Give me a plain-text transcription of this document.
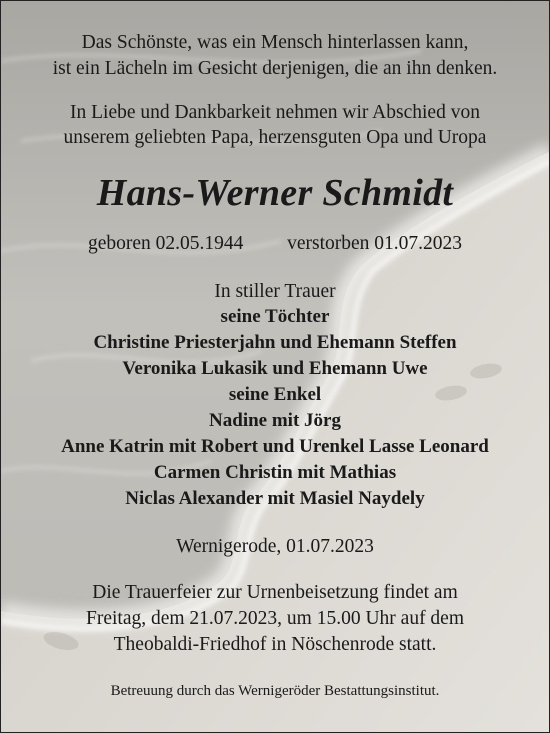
Das Schönste, was ein Mensch hinterlassen kann,
ist ein Lächeln im Gesicht derjenigen, die an ihn denken.
In Liebe und Dankbarkeit nehmen wir Abschied von
unserem geliebten Papa, herzensguten Opa und Uropa
Hans-Werner Schmidt
geboren 02.05.1944 verstorben 01.07.2023
In stiller Trauer
seine Töchter
Christine Priesterjahn und Ehemann Steffen
Veronika Lukasik und Ehemann Uwe
seine Enkel
Nadine mit Jörg
Anne Katrin mit Robert und Urenkel Lasse Leonard
Carmen Christin mit Mathias
Niclas Alexander mit Masiel Naydely
Wernigerode, 01.07.2023
Die Trauerfeier zur Urnenbeisetzung findet am
Freitag, dem 21.07.2023, um 15.00 Uhr auf dem
Theobaldi-Friedhof in Nöschenrode statt.
Betreuung durch das Wernigeröder Bestattungsinstitut.
